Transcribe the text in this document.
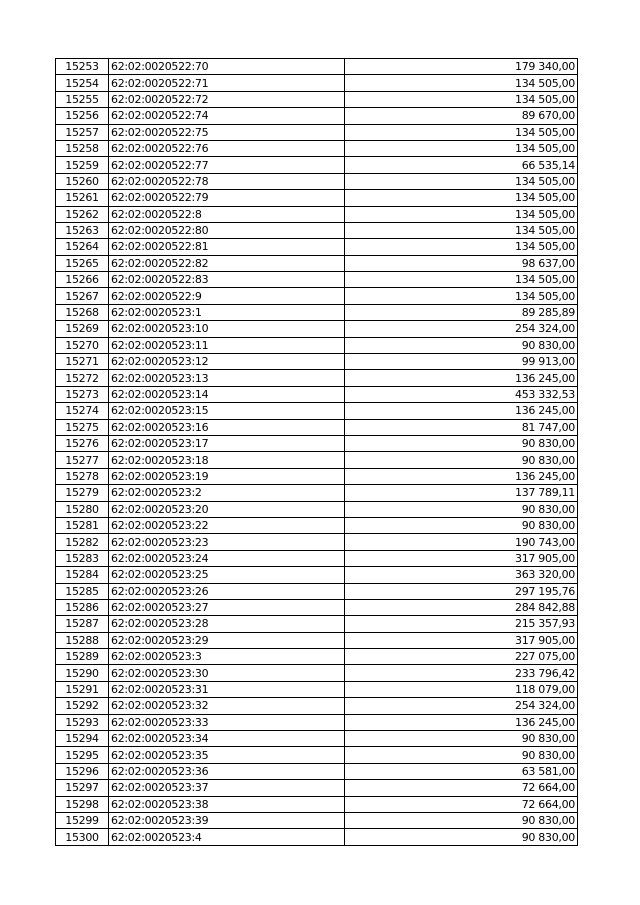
15253	62:02:0020522:70	179 340,00
15254	62:02:0020522:71	134 505,00
15255	62:02:0020522:72	134 505,00
15256	62:02:0020522:74	89 670,00
15257	62:02:0020522:75	134 505,00
15258	62:02:0020522:76	134 505,00
15259	62:02:0020522:77	66 535,14
15260	62:02:0020522:78	134 505,00
15261	62:02:0020522:79	134 505,00
15262	62:02:0020522:8	134 505,00
15263	62:02:0020522:80	134 505,00
15264	62:02:0020522:81	134 505,00
15265	62:02:0020522:82	98 637,00
15266	62:02:0020522:83	134 505,00
15267	62:02:0020522:9	134 505,00
15268	62:02:0020523:1	89 285,89
15269	62:02:0020523:10	254 324,00
15270	62:02:0020523:11	90 830,00
15271	62:02:0020523:12	99 913,00
15272	62:02:0020523:13	136 245,00
15273	62:02:0020523:14	453 332,53
15274	62:02:0020523:15	136 245,00
15275	62:02:0020523:16	81 747,00
15276	62:02:0020523:17	90 830,00
15277	62:02:0020523:18	90 830,00
15278	62:02:0020523:19	136 245,00
15279	62:02:0020523:2	137 789,11
15280	62:02:0020523:20	90 830,00
15281	62:02:0020523:22	90 830,00
15282	62:02:0020523:23	190 743,00
15283	62:02:0020523:24	317 905,00
15284	62:02:0020523:25	363 320,00
15285	62:02:0020523:26	297 195,76
15286	62:02:0020523:27	284 842,88
15287	62:02:0020523:28	215 357,93
15288	62:02:0020523:29	317 905,00
15289	62:02:0020523:3	227 075,00
15290	62:02:0020523:30	233 796,42
15291	62:02:0020523:31	118 079,00
15292	62:02:0020523:32	254 324,00
15293	62:02:0020523:33	136 245,00
15294	62:02:0020523:34	90 830,00
15295	62:02:0020523:35	90 830,00
15296	62:02:0020523:36	63 581,00
15297	62:02:0020523:37	72 664,00
15298	62:02:0020523:38	72 664,00
15299	62:02:0020523:39	90 830,00
15300	62:02:0020523:4	90 830,00
